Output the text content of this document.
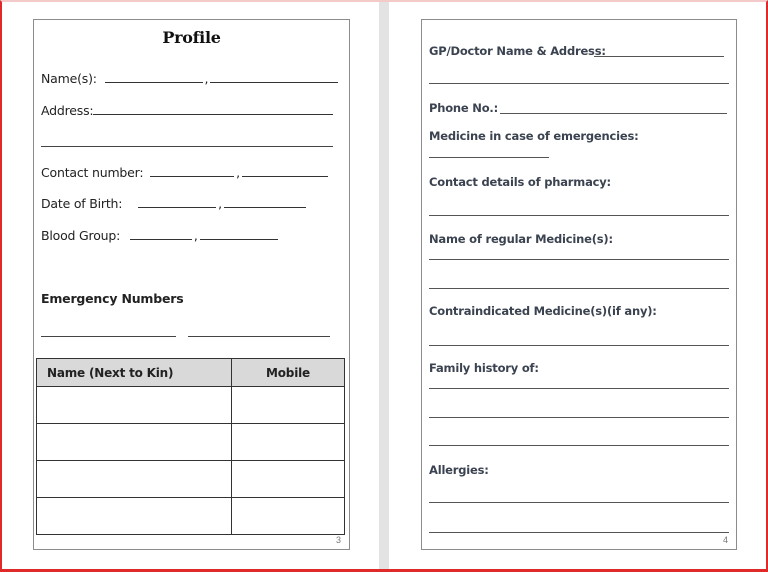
Profile
Name(s):	,
Address:
Contact number:	,
Date of Birth:	,
Blood Group:	,
Emergency Numbers
Name (Next to Kin)	Mobile

3
GP/Doctor Name & Address:
Phone No.:
Medicine in case of emergencies:
Contact details of pharmacy:
Name of regular Medicine(s):
Contraindicated Medicine(s)(if any):
Family history of:
Allergies:
4
